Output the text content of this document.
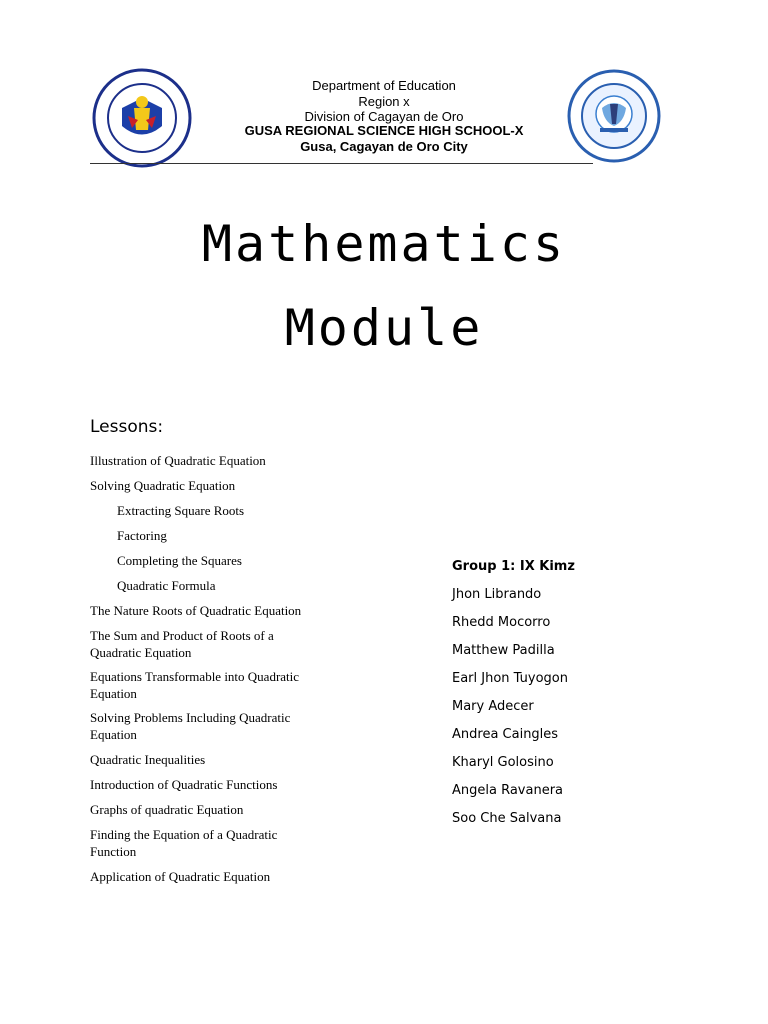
Department of Education
Region x
Division of Cagayan de Oro
GUSA REGIONAL SCIENCE HIGH SCHOOL-X
Gusa, Cagayan de Oro City
Mathematics
Module
Lessons:
Illustration of Quadratic Equation
Solving Quadratic Equation
Extracting Square Roots
Factoring
Completing the Squares
Quadratic Formula
The Nature Roots of Quadratic Equation
The Sum and Product of Roots of a Quadratic Equation
Equations Transformable into Quadratic Equation
Solving Problems Including Quadratic Equation
Quadratic Inequalities
Introduction of Quadratic Functions
Graphs of quadratic Equation
Finding the Equation of a Quadratic Function
Application of Quadratic Equation
Group 1: IX Kimz
Jhon Librando
Rhedd Mocorro
Matthew Padilla
Earl Jhon Tuyogon
Mary Adecer
Andrea Caingles
Kharyl Golosino
Angela Ravanera
Soo Che Salvana
